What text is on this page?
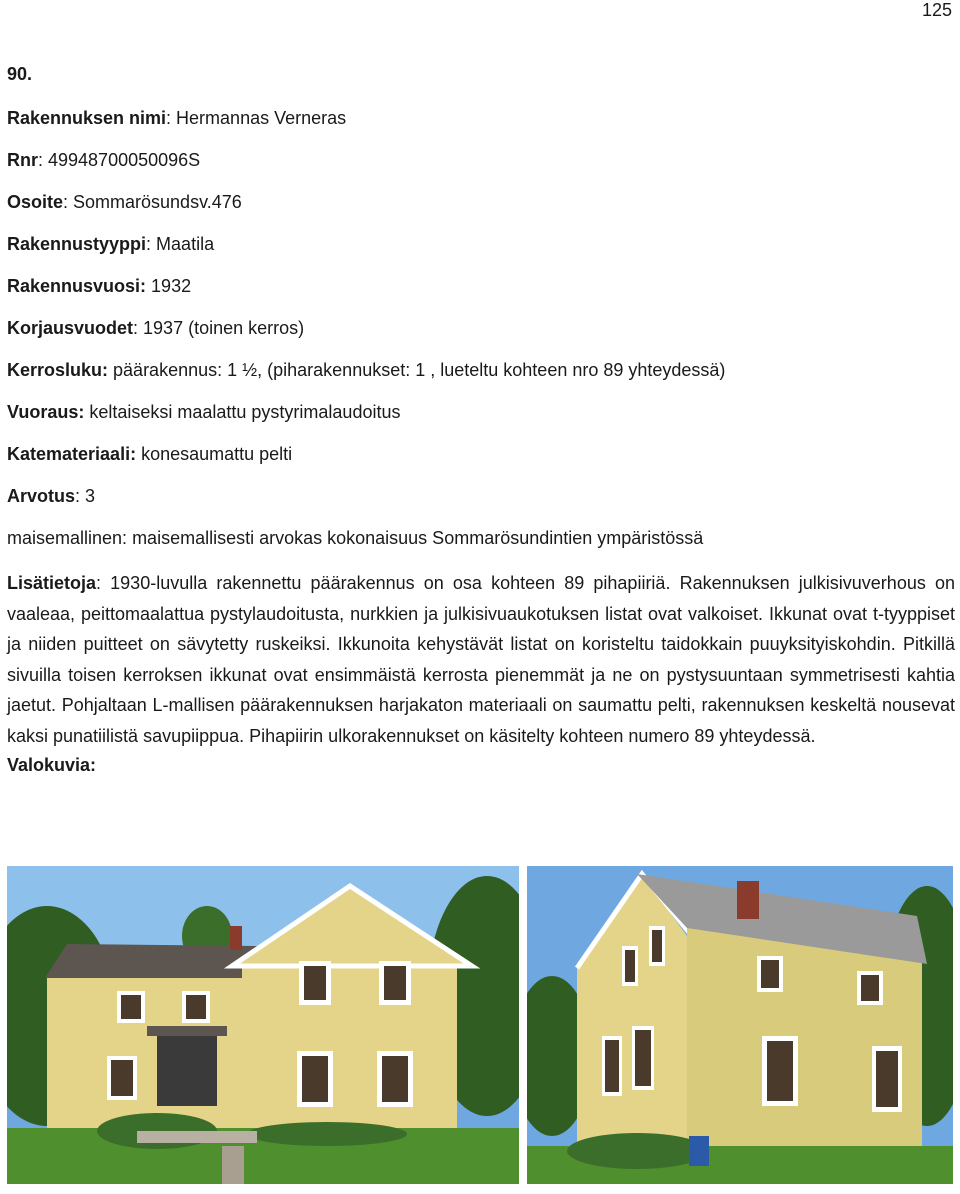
125
90.
Rakennuksen nimi: Hermannas Verneras
Rnr: 49948700050096S
Osoite: Sommarösundsv.476
Rakennustyyppi: Maatila
Rakennusvuosi: 1932
Korjausvuodet: 1937 (toinen kerros)
Kerrosluku: päärakennus: 1 ½, (piharakennukset: 1 , lueteltu kohteen nro 89 yhteydessä)
Vuoraus: keltaiseksi maalattu pystyrimalaudoitus
Katemateriaali: konesaumattu pelti
Arvotus: 3
maisemallinen: maisemallisesti arvokas kokonaisuus Sommarösundintien ympäristössä

Lisätietoja: 1930-luvulla rakennettu päärakennus on osa kohteen 89 pihapiiriä. Rakennuksen julkisivuverhous on vaaleaa, peittomaalattua pystylaudoitusta, nurkkien ja julkisivuaukotuksen listat ovat valkoiset. Ikkunat ovat t-tyyppiset ja niiden puitteet on sävytetty ruskeiksi. Ikkunoita kehystävät listat on koristeltu taidokkain puuyksityiskohdin. Pitkillä sivuilla toisen kerroksen ikkunat ovat ensimmäistä kerrosta pienemmät ja ne on pystysuuntaan symmetrisesti kahtia jaetut. Pohjaltaan L-mallisen päärakennuksen harjakaton materiaali on saumattu pelti, rakennuksen keskeltä nousevat kaksi punatiilistä savupiippua. Pihapiirin ulkorakennukset on käsitelty kohteen numero 89 yhteydessä.

Valokuvia:
